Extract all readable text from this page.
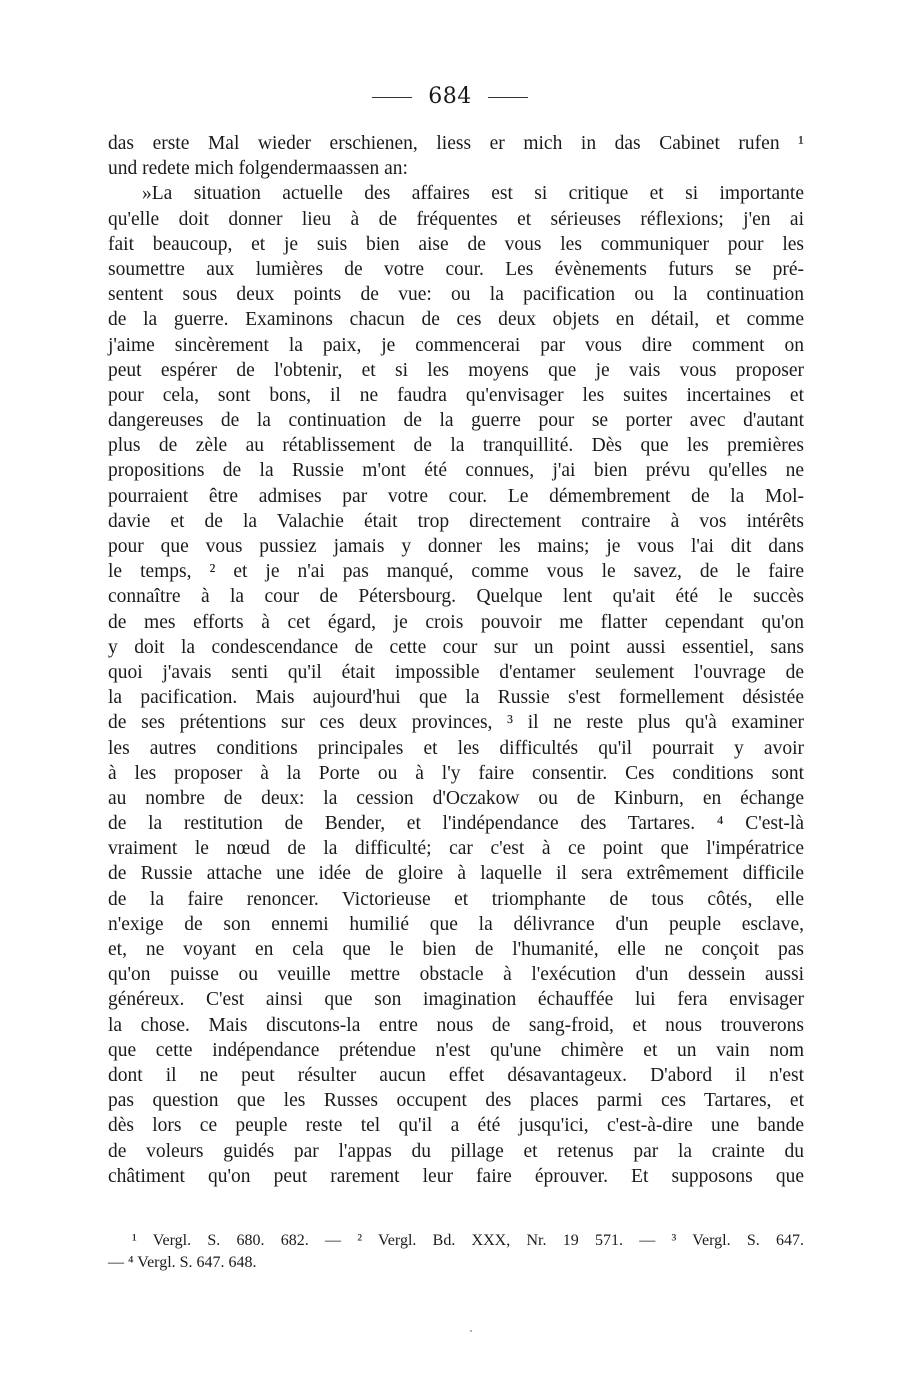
684
das erste Mal wieder erschienen, liess er mich in das Cabinet rufen ¹
und redete mich folgendermaassen an:
»La situation actuelle des affaires est si critique et si importante
qu'elle doit donner lieu à de fréquentes et sérieuses réflexions; j'en ai
fait beaucoup, et je suis bien aise de vous les communiquer pour les
soumettre aux lumières de votre cour. Les évènements futurs se pré-
sentent sous deux points de vue: ou la pacification ou la continuation
de la guerre. Examinons chacun de ces deux objets en détail, et comme
j'aime sincèrement la paix, je commencerai par vous dire comment on
peut espérer de l'obtenir, et si les moyens que je vais vous proposer
pour cela, sont bons, il ne faudra qu'envisager les suites incertaines et
dangereuses de la continuation de la guerre pour se porter avec d'autant
plus de zèle au rétablissement de la tranquillité. Dès que les premières
propositions de la Russie m'ont été connues, j'ai bien prévu qu'elles ne
pourraient être admises par votre cour. Le démembrement de la Mol-
davie et de la Valachie était trop directement contraire à vos intérêts
pour que vous pussiez jamais y donner les mains; je vous l'ai dit dans
le temps, ² et je n'ai pas manqué, comme vous le savez, de le faire
connaître à la cour de Pétersbourg. Quelque lent qu'ait été le succès
de mes efforts à cet égard, je crois pouvoir me flatter cependant qu'on
y doit la condescendance de cette cour sur un point aussi essentiel, sans
quoi j'avais senti qu'il était impossible d'entamer seulement l'ouvrage de
la pacification. Mais aujourd'hui que la Russie s'est formellement désistée
de ses prétentions sur ces deux provinces, ³ il ne reste plus qu'à examiner
les autres conditions principales et les difficultés qu'il pourrait y avoir
à les proposer à la Porte ou à l'y faire consentir. Ces conditions sont
au nombre de deux: la cession d'Oczakow ou de Kinburn, en échange
de la restitution de Bender, et l'indépendance des Tartares. ⁴ C'est-là
vraiment le nœud de la difficulté; car c'est à ce point que l'impératrice
de Russie attache une idée de gloire à laquelle il sera extrêmement difficile
de la faire renoncer. Victorieuse et triomphante de tous côtés, elle
n'exige de son ennemi humilié que la délivrance d'un peuple esclave,
et, ne voyant en cela que le bien de l'humanité, elle ne conçoit pas
qu'on puisse ou veuille mettre obstacle à l'exécution d'un dessein aussi
généreux. C'est ainsi que son imagination échauffée lui fera envisager
la chose. Mais discutons-la entre nous de sang-froid, et nous trouverons
que cette indépendance prétendue n'est qu'une chimère et un vain nom
dont il ne peut résulter aucun effet désavantageux. D'abord il n'est
pas question que les Russes occupent des places parmi ces Tartares, et
dès lors ce peuple reste tel qu'il a été jusqu'ici, c'est-à-dire une bande
de voleurs guidés par l'appas du pillage et retenus par la crainte du
châtiment qu'on peut rarement leur faire éprouver. Et supposons que
¹ Vergl. S. 680. 682. — ² Vergl. Bd. XXX, Nr. 19 571. — ³ Vergl. S. 647.
— ⁴ Vergl. S. 647. 648.
